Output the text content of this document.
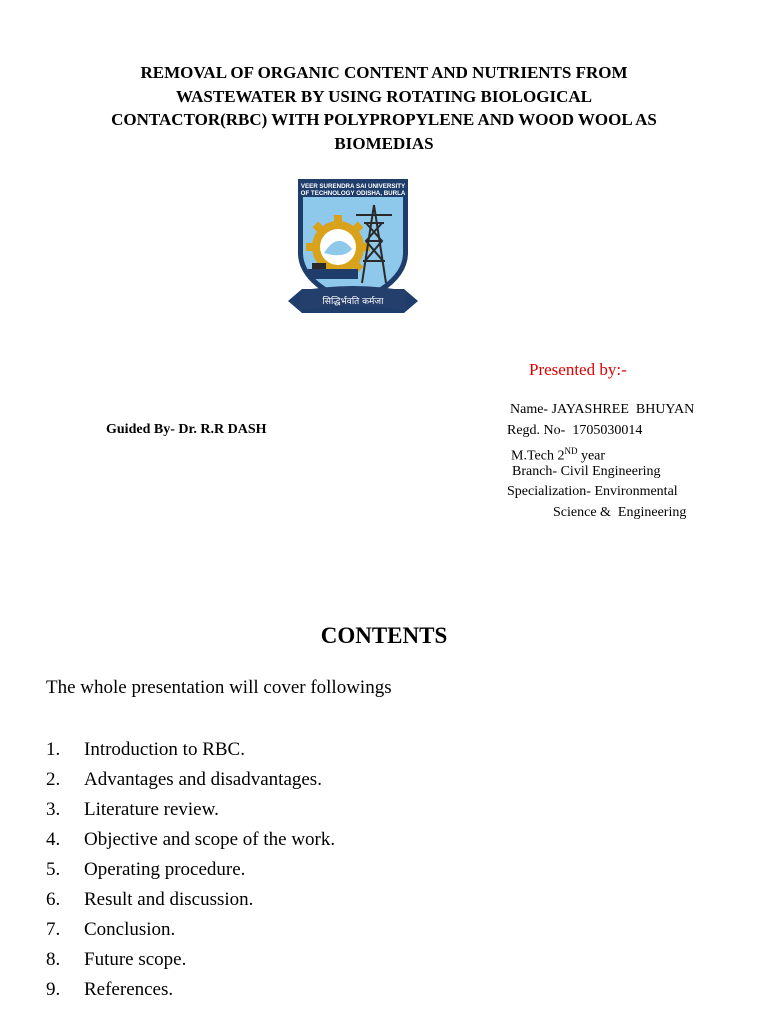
REMOVAL OF ORGANIC CONTENT AND NUTRIENTS FROM
WASTEWATER BY USING ROTATING BIOLOGICAL
CONTACTOR(RBC) WITH POLYPROPYLENE AND WOOD WOOL AS
BIOMEDIAS
VEER SURENDRA SAI UNIVERSITY
OF TECHNOLOGY ODISHA, BURLA
सिद्धिर्भवति कर्मजा
Presented by:-
Guided By- Dr. R.R DASH
Name- JAYASHREE  BHUYAN
Regd. No-  1705030014
M.Tech 2ND year
Branch- Civil Engineering
Specialization- Environmental
Science &  Engineering
CONTENTS
The whole presentation will cover followings
1. Introduction to RBC.
2. Advantages and disadvantages.
3. Literature review.
4. Objective and scope of the work.
5. Operating procedure.
6. Result and discussion.
7. Conclusion.
8. Future scope.
9. References.
